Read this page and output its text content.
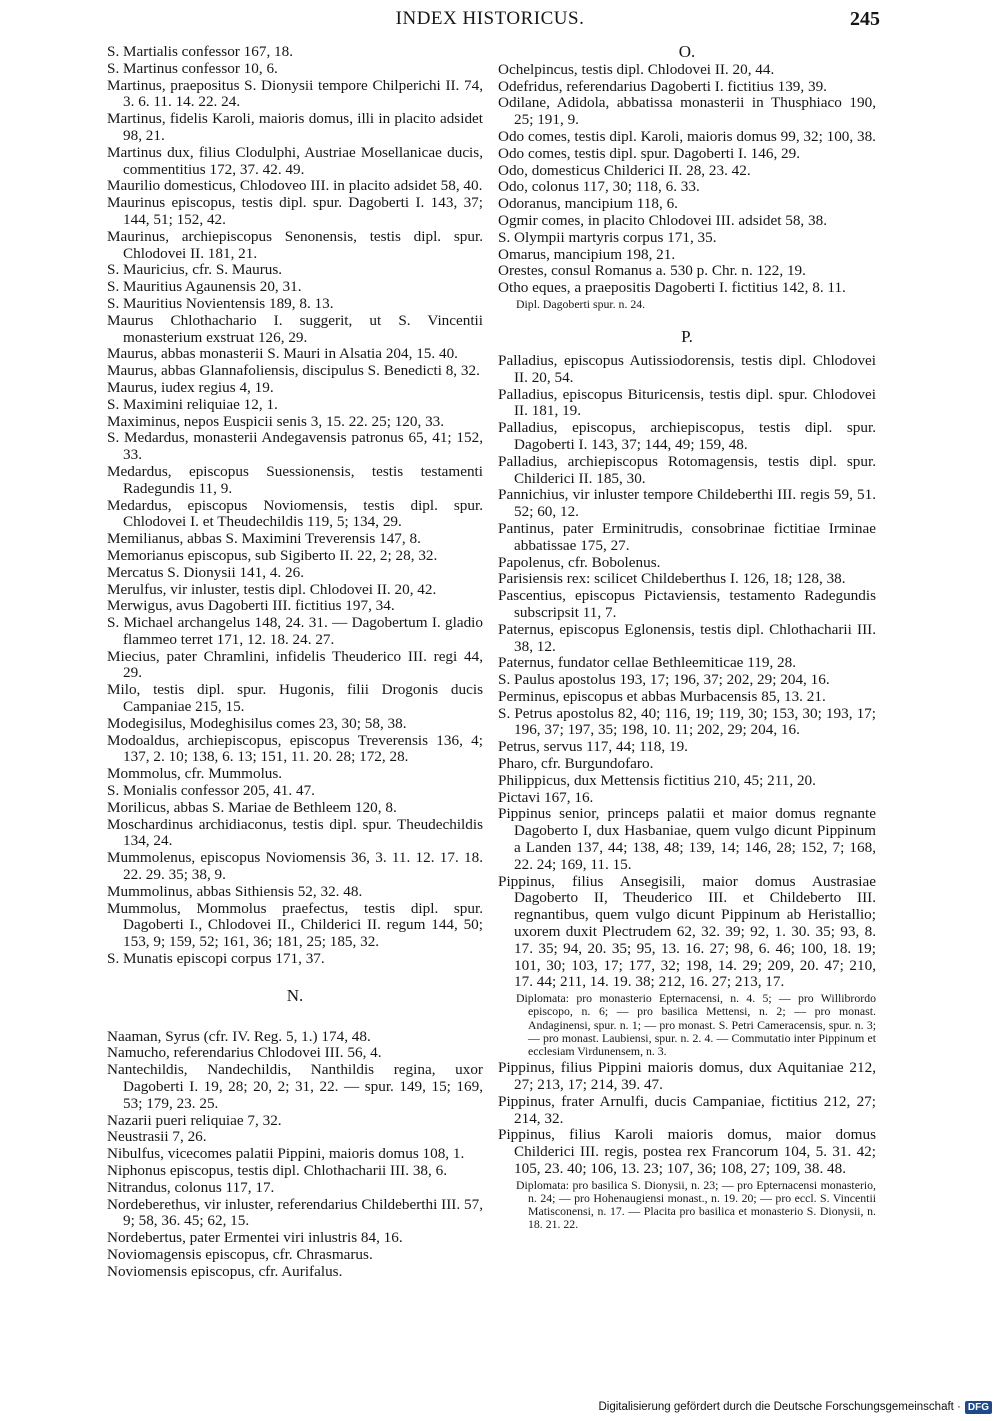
INDEX HISTORICUS.	245

S. Martialis confessor 167, 18.

S. Martinus confessor 10, 6.

Martinus, praepositus S. Dionysii tempore Chilperichi II. 74, 3. 6. 11. 14. 22. 24.

Martinus, fidelis Karoli, maioris domus, illi in placito adsidet 98, 21.

Martinus dux, filius Clodulphi, Austriae Mosellanicae ducis, commentitius 172, 37. 42. 49.

Maurilio domesticus, Chlodoveo III. in placito adsidet 58, 40.

Maurinus episcopus, testis dipl. spur. Dagoberti I. 143, 37; 144, 51; 152, 42.

Maurinus, archiepiscopus Senonensis, testis dipl. spur. Chlodovei II. 181, 21.

S. Mauricius, cfr. S. Maurus.

S. Mauritius Agaunensis 20, 31.

S. Mauritius Novientensis 189, 8. 13.

Maurus Chlothachario I. suggerit, ut S. Vincentii monasterium exstruat 126, 29.

Maurus, abbas monasterii S. Mauri in Alsatia 204, 15. 40.

Maurus, abbas Glannafoliensis, discipulus S. Benedicti 8, 32.

Maurus, iudex regius 4, 19.

S. Maximini reliquiae 12, 1.

Maximinus, nepos Euspicii senis 3, 15. 22. 25; 120, 33.

S. Medardus, monasterii Andegavensis patronus 65, 41; 152, 33.

Medardus, episcopus Suessionensis, testis testamenti Radegundis 11, 9.

Medardus, episcopus Noviomensis, testis dipl. spur. Chlodovei I. et Theudechildis 119, 5; 134, 29.

Memilianus, abbas S. Maximini Treverensis 147, 8.

Memorianus episcopus, sub Sigiberto II. 22, 2; 28, 32.

Mercatus S. Dionysii 141, 4. 26.

Merulfus, vir inluster, testis dipl. Chlodovei II. 20, 42.

Merwigus, avus Dagoberti III. fictitius 197, 34.

S. Michael archangelus 148, 24. 31. — Dagobertum I. gladio flammeo terret 171, 12. 18. 24. 27.

Miecius, pater Chramlini, infidelis Theuderico III. regi 44, 29.

Milo, testis dipl. spur. Hugonis, filii Drogonis ducis Campaniae 215, 15.

Modegisilus, Modeghisilus comes 23, 30; 58, 38.

Modoaldus, archiepiscopus, episcopus Treverensis 136, 4; 137, 2. 10; 138, 6. 13; 151, 11. 20. 28; 172, 28.

Mommolus, cfr. Mummolus.

S. Monialis confessor 205, 41. 47.

Morilicus, abbas S. Mariae de Bethleem 120, 8.

Moschardinus archidiaconus, testis dipl. spur. Theudechildis 134, 24.

Mummolenus, episcopus Noviomensis 36, 3. 11. 12. 17. 18. 22. 29. 35; 38, 9.

Mummolinus, abbas Sithiensis 52, 32. 48.

Mummolus, Mommolus praefectus, testis dipl. spur. Dagoberti I., Chlodovei II., Childerici II. regum 144, 50; 153, 9; 159, 52; 161, 36; 181, 25; 185, 32.

S. Munatis episcopi corpus 171, 37.

N.

Naaman, Syrus (cfr. IV. Reg. 5, 1.) 174, 48.

Namucho, referendarius Chlodovei III. 56, 4.

Nantechildis, Nandechildis, Nanthildis regina, uxor Dagoberti I. 19, 28; 20, 2; 31, 22. — spur. 149, 15; 169, 53; 179, 23. 25.

Nazarii pueri reliquiae 7, 32.

Neustrasii 7, 26.

Nibulfus, vicecomes palatii Pippini, maioris domus 108, 1.

Niphonus episcopus, testis dipl. Chlothacharii III. 38, 6.

Nitrandus, colonus 117, 17.

Nordeberethus, vir inluster, referendarius Childeberthi III. 57, 9; 58, 36. 45; 62, 15.

Nordebertus, pater Ermentei viri inlustris 84, 16.

Noviomagensis episcopus, cfr. Chrasmarus.

Noviomensis episcopus, cfr. Aurifalus.

O.

Ochelpincus, testis dipl. Chlodovei II. 20, 44.

Odefridus, referendarius Dagoberti I. fictitius 139, 39.

Odilane, Adidola, abbatissa monasterii in Thusphiaco 190, 25; 191, 9.

Odo comes, testis dipl. Karoli, maioris domus 99, 32; 100, 38.

Odo comes, testis dipl. spur. Dagoberti I. 146, 29.

Odo, domesticus Childerici II. 28, 23. 42.

Odo, colonus 117, 30; 118, 6. 33.

Odoranus, mancipium 118, 6.

Ogmir comes, in placito Chlodovei III. adsidet 58, 38.

S. Olympii martyris corpus 171, 35.

Omarus, mancipium 198, 21.

Orestes, consul Romanus a. 530 p. Chr. n. 122, 19.

Otho eques, a praepositis Dagoberti I. fictitius 142, 8. 11.

Dipl. Dagoberti spur. n. 24.
P.

Palladius, episcopus Autissiodorensis, testis dipl. Chlodovei II. 20, 54.

Palladius, episcopus Bituricensis, testis dipl. spur. Chlodovei II. 181, 19.

Palladius, episcopus, archiepiscopus, testis dipl. spur. Dagoberti I. 143, 37; 144, 49; 159, 48.

Palladius, archiepiscopus Rotomagensis, testis dipl. spur. Childerici II. 185, 30.

Pannichius, vir inluster tempore Childeberthi III. regis 59, 51. 52; 60, 12.

Pantinus, pater Erminitrudis, consobrinae fictitiae Irminae abbatissae 175, 27.

Papolenus, cfr. Bobolenus.

Parisiensis rex: scilicet Childeberthus I. 126, 18; 128, 38.

Pascentius, episcopus Pictaviensis, testamento Radegundis subscripsit 11, 7.

Paternus, episcopus Eglonensis, testis dipl. Chlothacharii III. 38, 12.

Paternus, fundator cellae Bethleemiticae 119, 28.

S. Paulus apostolus 193, 17; 196, 37; 202, 29; 204, 16.

Perminus, episcopus et abbas Murbacensis 85, 13. 21.

S. Petrus apostolus 82, 40; 116, 19; 119, 30; 153, 30; 193, 17; 196, 37; 197, 35; 198, 10. 11; 202, 29; 204, 16.

Petrus, servus 117, 44; 118, 19.

Pharo, cfr. Burgundofaro.

Philippicus, dux Mettensis fictitius 210, 45; 211, 20.

Pictavi 167, 16.

Pippinus senior, princeps palatii et maior domus regnante Dagoberto I, dux Hasbaniae, quem vulgo dicunt Pippinum a Landen 137, 44; 138, 48; 139, 14; 146, 28; 152, 7; 168, 22. 24; 169, 11. 15.

Pippinus, filius Ansegisili, maior domus Austrasiae Dagoberto II, Theuderico III. et Childeberto III. regnantibus, quem vulgo dicunt Pippinum ab Heristallio; uxorem duxit Plectrudem 62, 32. 39; 92, 1. 30. 35; 93, 8. 17. 35; 94, 20. 35; 95, 13. 16. 27; 98, 6. 46; 100, 18. 19; 101, 30; 103, 17; 177, 32; 198, 14. 29; 209, 20. 47; 210, 17. 44; 211, 14. 19. 38; 212, 16. 27; 213, 17.

Diplomata: pro monasterio Epternacensi, n. 4. 5; — pro Willibrordo episcopo, n. 6; — pro basilica Mettensi, n. 2; — pro monast. Andaginensi, spur. n. 1; — pro monast. S. Petri Cameracensis, spur. n. 3; — pro monast. Laubiensi, spur. n. 2. 4. — Commutatio inter Pippinum et ecclesiam Virdunensem, n. 3.

Pippinus, filius Pippini maioris domus, dux Aquitaniae 212, 27; 213, 17; 214, 39. 47.

Pippinus, frater Arnulfi, ducis Campaniae, fictitius 212, 27; 214, 32.

Pippinus, filius Karoli maioris domus, maior domus Childerici III. regis, postea rex Francorum 104, 5. 31. 42; 105, 23. 40; 106, 13. 23; 107, 36; 108, 27; 109, 38. 48.

Diplomata: pro basilica S. Dionysii, n. 23; — pro Epternacensi monasterio, n. 24; — pro Hohenaugiensi monast., n. 19. 20; — pro eccl. S. Vincentii Matisconensi, n. 17. — Placita pro basilica et monasterio S. Dionysii, n. 18. 21. 22.
Digitalisierung gefördert durch die Deutsche Forschungsgemeinschaft · DFG
